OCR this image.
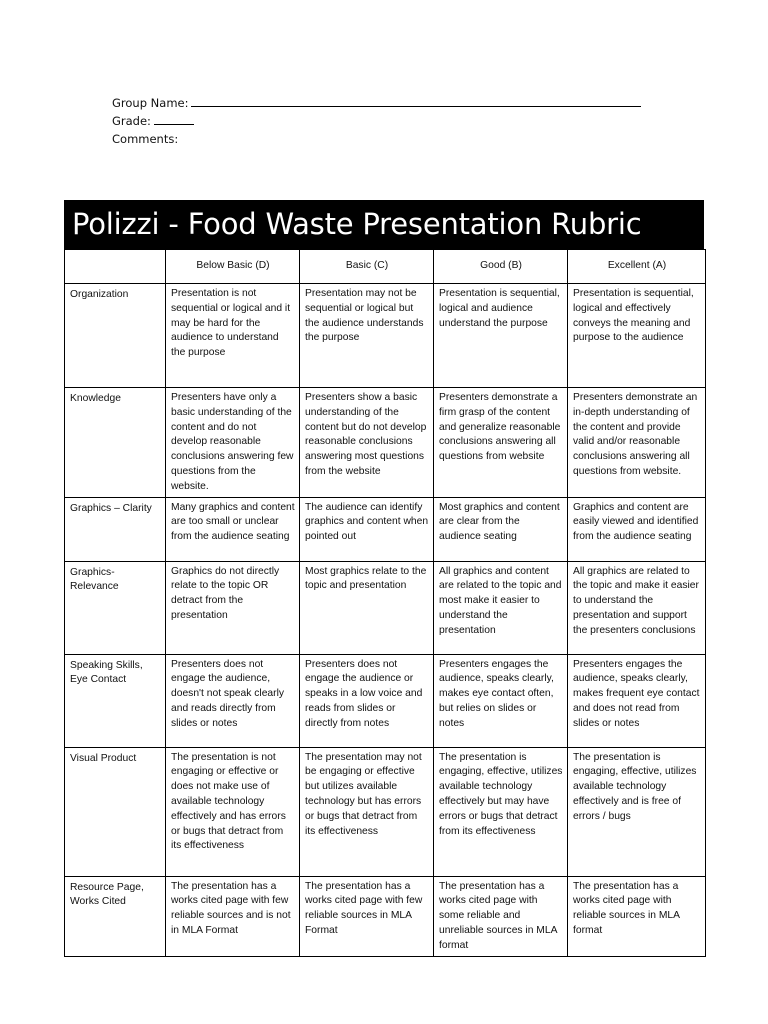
Group Name:
Grade:
Comments:
Polizzi - Food Waste Presentation Rubric
	Below Basic (D)	Basic (C)	Good (B)	Excellent (A)
Organization	Presentation is not sequential or logical and it may be hard for the audience to understand the purpose	Presentation may not be sequential or logical but the audience understands the purpose	Presentation is sequential, logical and audience understand the purpose	Presentation is sequential, logical and effectively conveys the meaning and purpose to the audience
Knowledge	Presenters have only a basic understanding of the content and do not develop reasonable conclusions answering few questions from the website.	Presenters show a basic understanding of the content but do not develop reasonable conclusions answering most questions from the website	Presenters demonstrate a firm grasp of the content and generalize reasonable conclusions answering all questions from website	Presenters demonstrate an in-depth understanding of the content and provide valid and/or reasonable conclusions answering all questions from website.
Graphics – Clarity	Many graphics and content are too small or unclear from the audience seating	The audience can identify graphics and content when pointed out	Most graphics and content are clear from the audience seating	Graphics and content are easily viewed and identified from the audience seating
Graphics- Relevance	Graphics do not directly relate to the topic OR detract from the presentation	Most graphics relate to the topic and presentation	All graphics and content are related to the topic and most make it easier to understand the presentation	All graphics are related to the topic and make it easier to understand the presentation and support the presenters conclusions
Speaking Skills, Eye Contact	Presenters does not engage the audience, doesn't not speak clearly and reads directly from slides or notes	Presenters does not engage the audience or speaks in a low voice and reads from slides or directly from notes	Presenters engages the audience, speaks clearly, makes eye contact often, but relies on slides or notes	Presenters engages the audience, speaks clearly, makes frequent eye contact and does not read from slides or notes
Visual Product	The presentation is not engaging or effective or does not make use of available technology effectively and has errors or bugs that detract from its effectiveness	The presentation may not be engaging or effective but utilizes available technology but has errors or bugs that detract from its effectiveness	The presentation is engaging, effective, utilizes available technology effectively but may have errors or bugs that detract from its effectiveness	The presentation is engaging, effective, utilizes available technology effectively and is free of errors / bugs
Resource Page, Works Cited	The presentation has a works cited page with few reliable sources and is not in MLA Format	The presentation has a works cited page with few reliable sources in MLA Format	The presentation has a works cited page with some reliable and unreliable sources in MLA format	The presentation has a works cited page with reliable sources in MLA format
